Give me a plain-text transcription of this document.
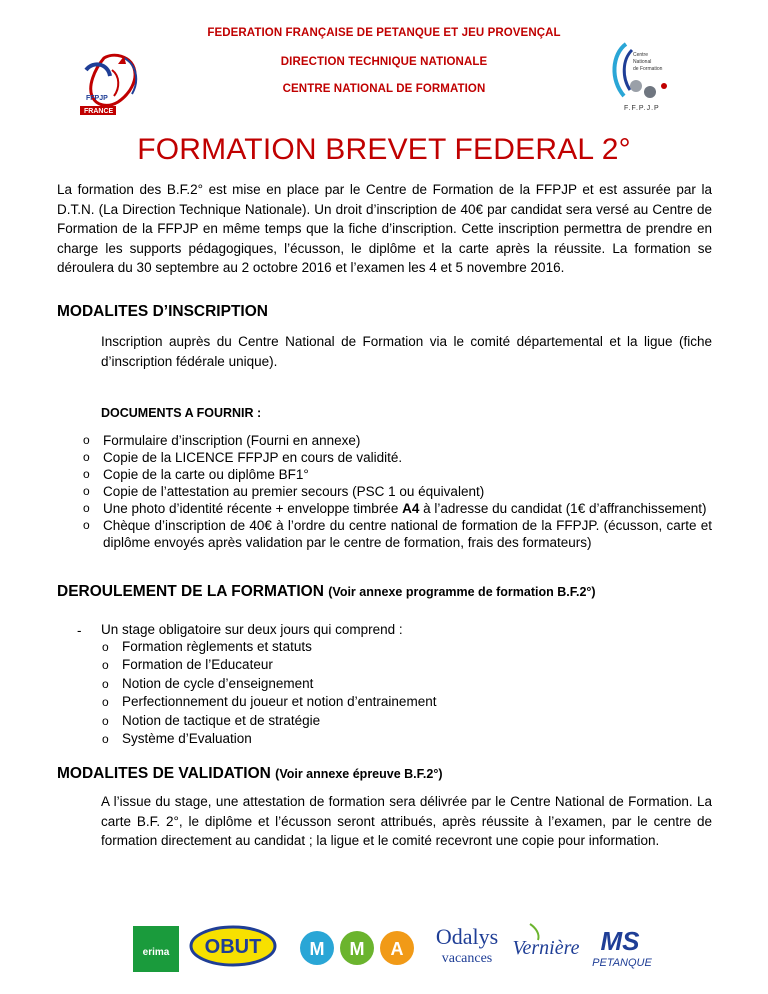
FEDERATION FRANÇAISE DE PETANQUE ET JEU PROVENÇAL
DIRECTION TECHNIQUE NATIONALE
CENTRE NATIONAL DE FORMATION
FFPJP
FRANCE
Centre
National
de Formation
F.F.P.J.P
FORMATION BREVET FEDERAL 2°
La formation des B.F.2° est mise en place par le Centre de Formation de la FFPJP et est assurée par la D.T.N. (La Direction Technique Nationale). Un droit d’inscription de 40€ par candidat sera versé au Centre de Formation de la FFPJP en même temps que la fiche d’inscription. Cette inscription permettra de prendre en charge les supports pédagogiques, l’écusson, le diplôme et la carte après la réussite. La formation se déroulera du 30 septembre au 2 octobre 2016 et l’examen les 4 et 5 novembre 2016.
MODALITES D’INSCRIPTION
Inscription auprès du Centre National de Formation via le comité départemental et la ligue (fiche d’inscription fédérale unique).
DOCUMENTS A FOURNIR :
o Formulaire d’inscription (Fourni en annexe)
o Copie de la LICENCE FFPJP en cours de validité.
o Copie de la carte ou diplôme BF1°
o Copie de l’attestation au premier secours (PSC 1 ou équivalent)
o Une photo d’identité récente + enveloppe timbrée A4 à l’adresse du candidat (1€ d’affranchissement)
o Chèque d’inscription de 40€ à l’ordre du centre national de formation de la FFPJP. (écusson, carte et diplôme envoyés après validation par le centre de formation, frais des formateurs)
DEROULEMENT DE LA FORMATION (Voir annexe programme de formation B.F.2°)
- Un stage obligatoire sur deux jours qui comprend :
o Formation règlements et statuts
o Formation de l’Educateur
o Notion de cycle d’enseignement
o Perfectionnement du joueur et notion d’entrainement
o Notion de tactique et de stratégie
o Système d’Evaluation
MODALITES DE VALIDATION (Voir annexe épreuve B.F.2°)
A l’issue du stage, une attestation de formation sera délivrée par le Centre National de Formation. La carte B.F. 2°, le diplôme et l’écusson seront attribués, après réussite à l’examen, par le centre de formation directement au candidat ; la ligue et le comité recevront une copie pour information.
erima OBUT	M M A Odalys
vacances Vernière MS
PETANQUE
